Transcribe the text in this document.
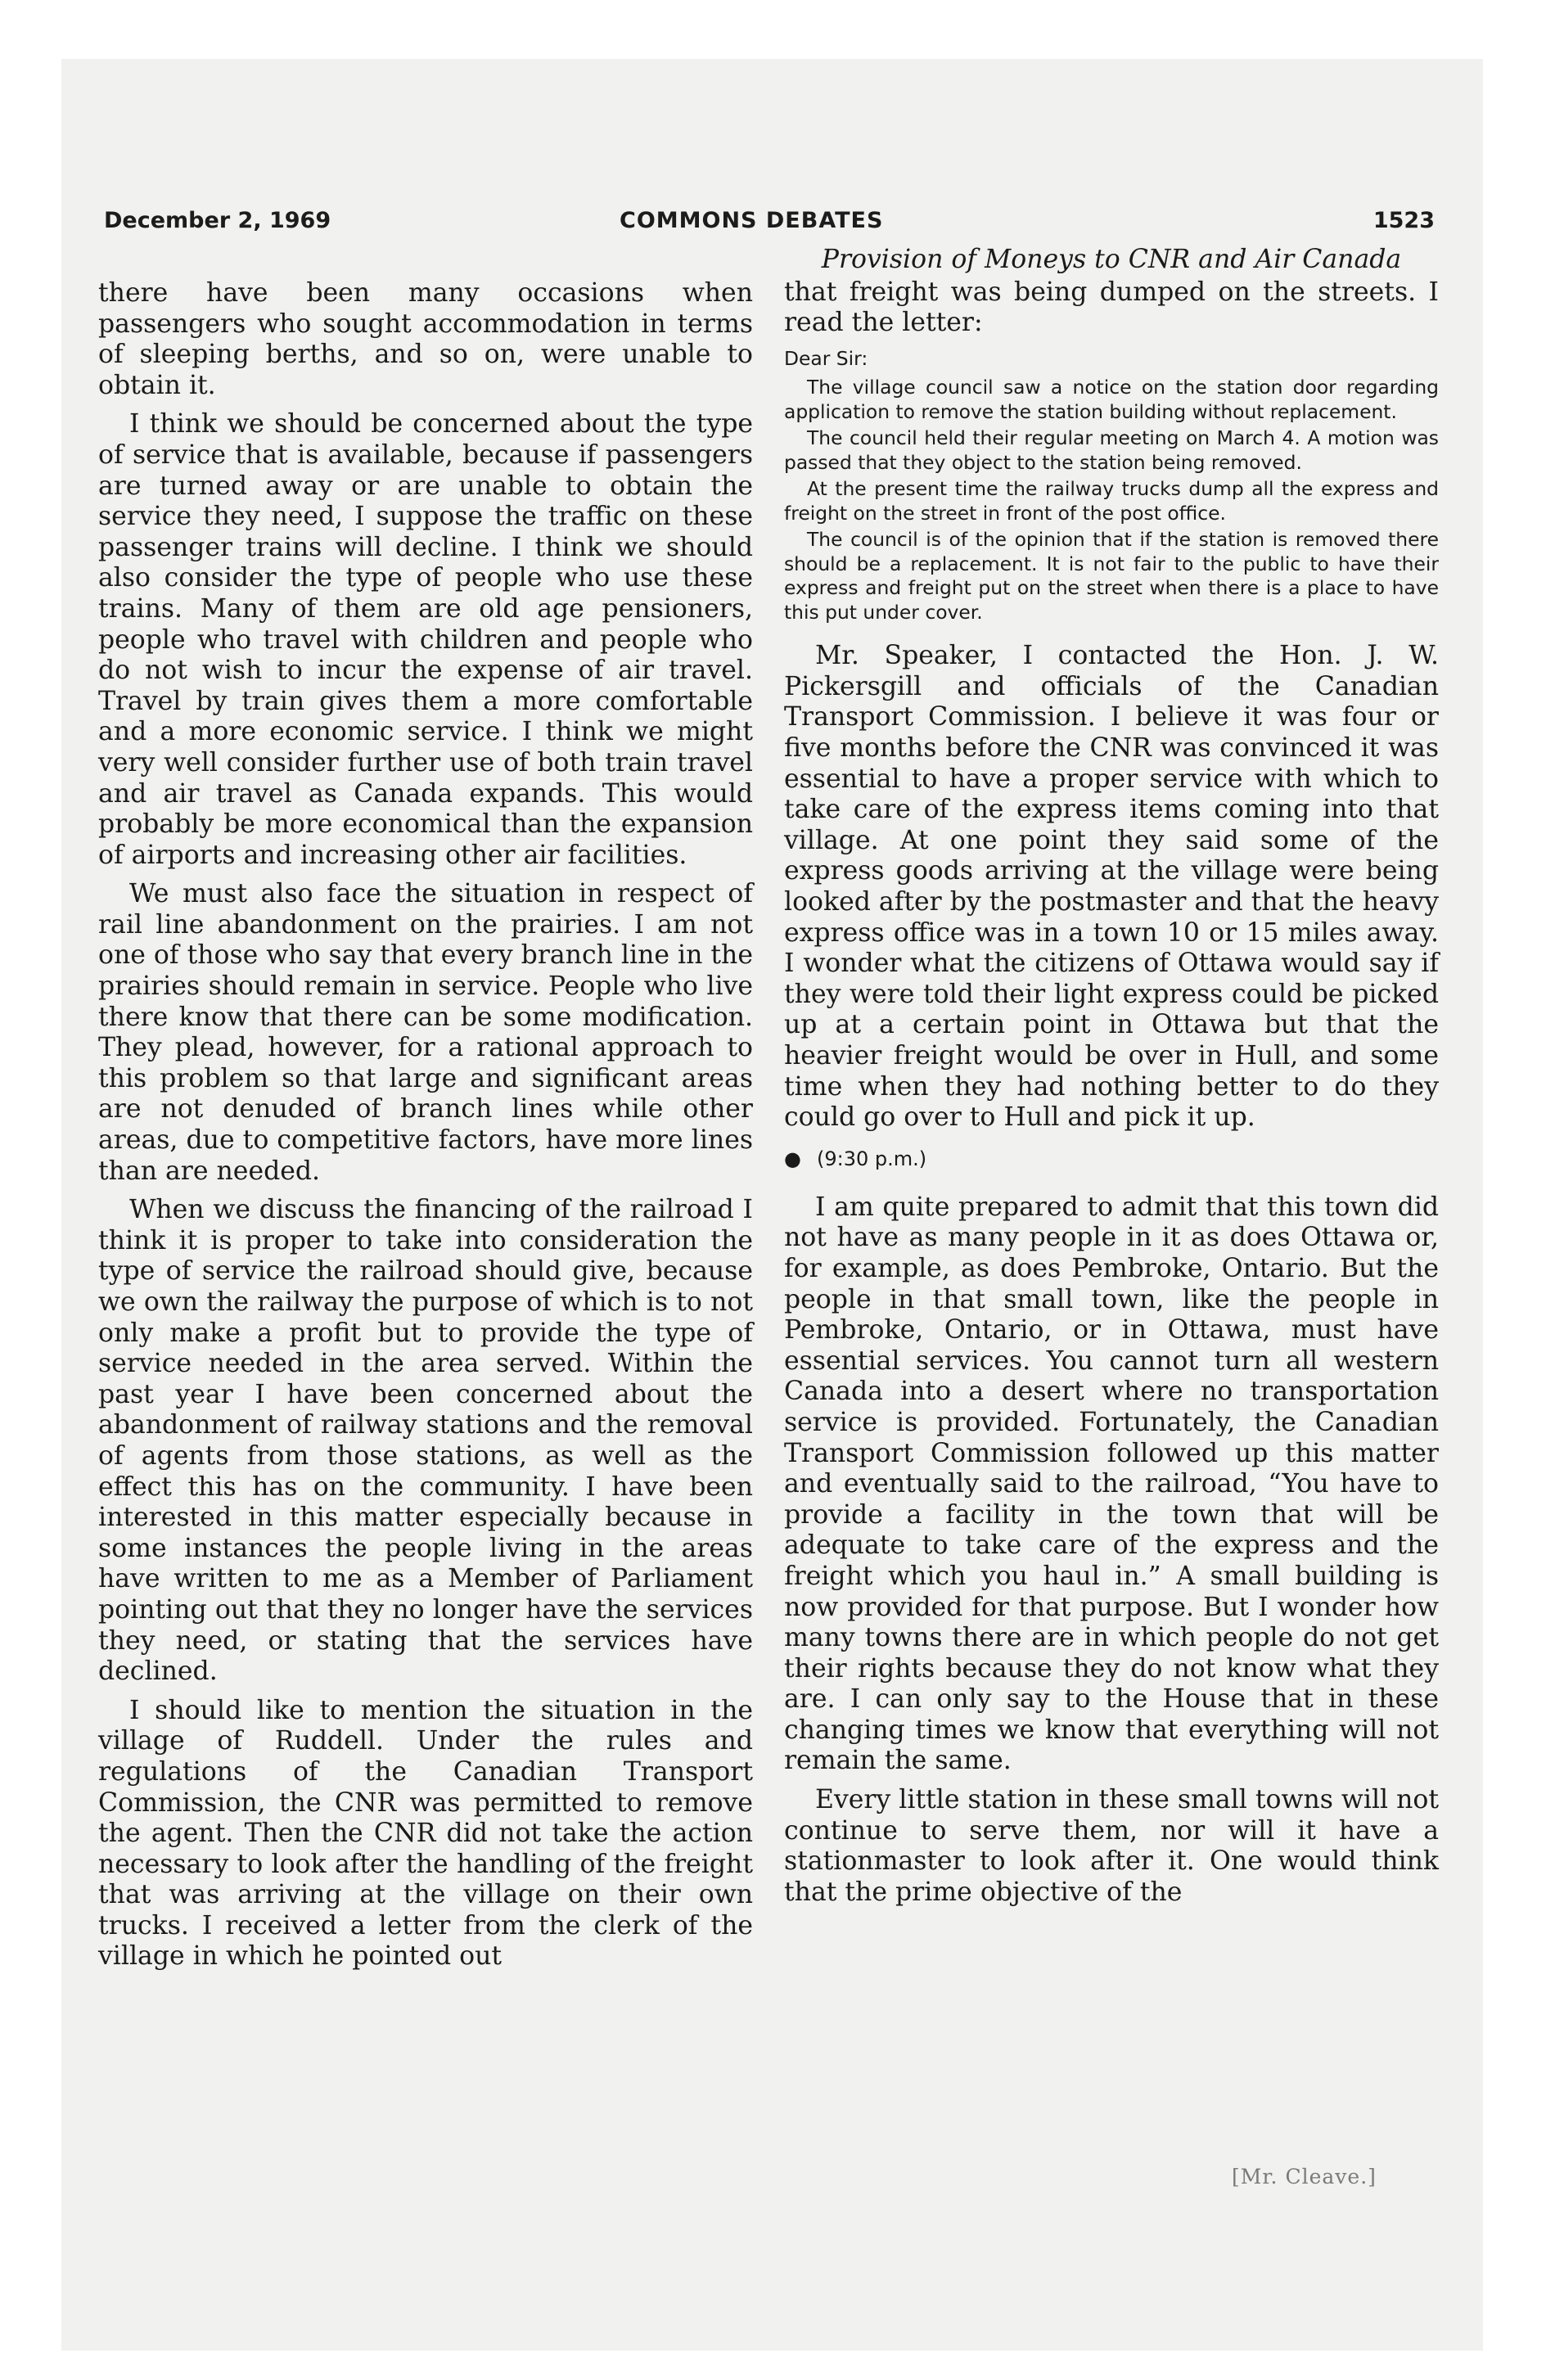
December 2, 1969	COMMONS DEBATES	1523

there have been many occasions when passengers who sought accommodation in terms of sleeping berths, and so on, were unable to obtain it.

I think we should be concerned about the type of service that is available, because if passengers are turned away or are unable to obtain the service they need, I suppose the traffic on these passenger trains will decline. I think we should also consider the type of people who use these trains. Many of them are old age pensioners, people who travel with children and people who do not wish to incur the expense of air travel. Travel by train gives them a more comfortable and a more economic service. I think we might very well consider further use of both train travel and air travel as Canada expands. This would probably be more economical than the expansion of airports and increasing other air facilities.

We must also face the situation in respect of rail line abandonment on the prairies. I am not one of those who say that every branch line in the prairies should remain in service. People who live there know that there can be some modification. They plead, however, for a rational approach to this problem so that large and significant areas are not denuded of branch lines while other areas, due to competitive factors, have more lines than are needed.

When we discuss the financing of the railroad I think it is proper to take into consideration the type of service the railroad should give, because we own the railway the purpose of which is to not only make a profit but to provide the type of service needed in the area served. Within the past year I have been concerned about the abandonment of railway stations and the removal of agents from those stations, as well as the effect this has on the community. I have been interested in this matter especially because in some instances the people living in the areas have written to me as a Member of Parliament pointing out that they no longer have the services they need, or stating that the services have declined.

I should like to mention the situation in the village of Ruddell. Under the rules and regulations of the Canadian Transport Commission, the CNR was permitted to remove the agent. Then the CNR did not take the action necessary to look after the handling of the freight that was arriving at the village on their own trucks. I received a letter from the clerk of the village in which he pointed out

Provision of Moneys to CNR and Air Canada

that freight was being dumped on the streets. I read the letter:

Dear Sir:

The village council saw a notice on the station door regarding application to remove the station building without replacement.

The council held their regular meeting on March 4. A motion was passed that they object to the station being removed.

At the present time the railway trucks dump all the express and freight on the street in front of the post office.

The council is of the opinion that if the station is removed there should be a replacement. It is not fair to the public to have their express and freight put on the street when there is a place to have this put under cover.

Mr. Speaker, I contacted the Hon. J. W. Pickersgill and officials of the Canadian Transport Commission. I believe it was four or five months before the CNR was convinced it was essential to have a proper service with which to take care of the express items coming into that village. At one point they said some of the express goods arriving at the village were being looked after by the postmaster and that the heavy express office was in a town 10 or 15 miles away. I wonder what the citizens of Ottawa would say if they were told their light express could be picked up at a certain point in Ottawa but that the heavier freight would be over in Hull, and some time when they had nothing better to do they could go over to Hull and pick it up.

● (9:30 p.m.)

I am quite prepared to admit that this town did not have as many people in it as does Ottawa or, for example, as does Pembroke, Ontario. But the people in that small town, like the people in Pembroke, Ontario, or in Ottawa, must have essential services. You cannot turn all western Canada into a desert where no transportation service is provided. Fortunately, the Canadian Transport Commission followed up this matter and eventually said to the railroad, “You have to provide a facility in the town that will be adequate to take care of the express and the freight which you haul in.” A small building is now provided for that purpose. But I wonder how many towns there are in which people do not get their rights because they do not know what they are. I can only say to the House that in these changing times we know that everything will not remain the same.

Every little station in these small towns will not continue to serve them, nor will it have a stationmaster to look after it. One would think that the prime objective of the

[Mr. Cleave.]
